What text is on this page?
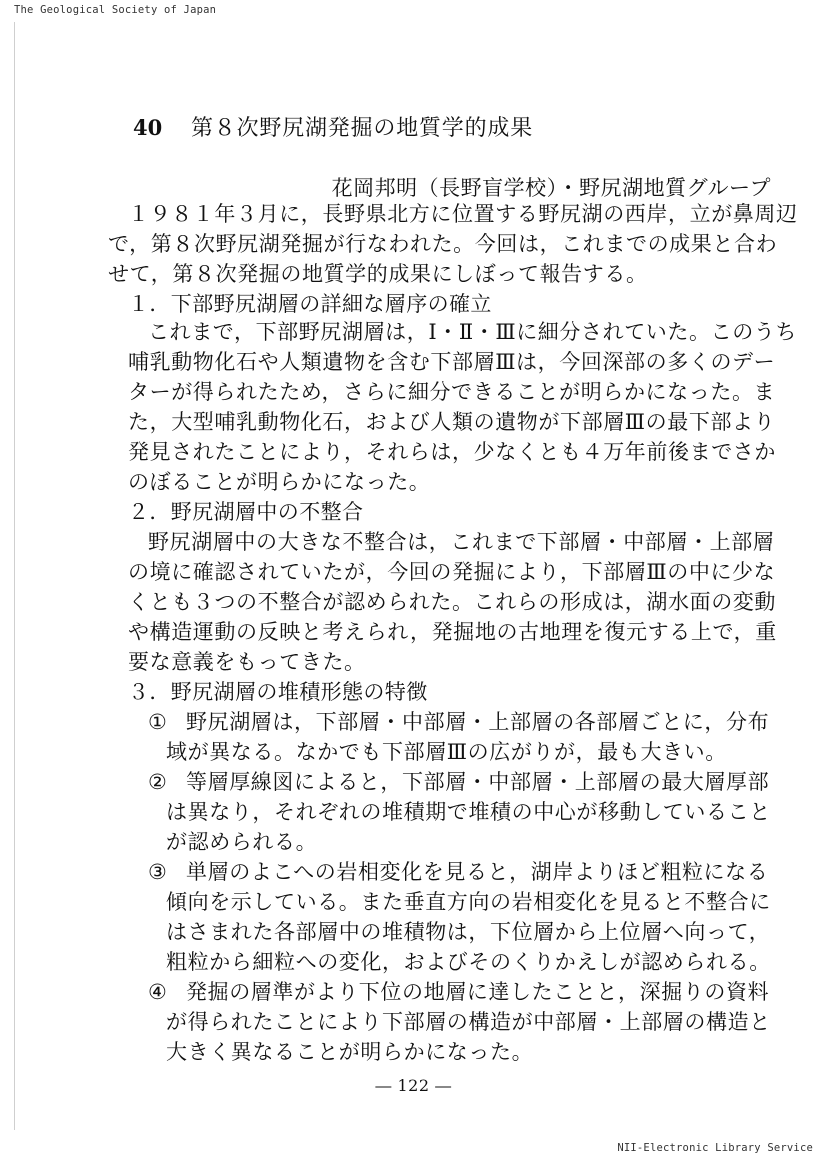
The Geological Society of Japan
40	第８次野尻湖発掘の地質学的成果
花岡邦明（長野盲学校）・野尻湖地質グループ
１９８１年３月に，長野県北方に位置する野尻湖の西岸，立が鼻周辺
で，第８次野尻湖発掘が行なわれた。今回は，これまでの成果と合わ
せて，第８次発掘の地質学的成果にしぼって報告する。
１．下部野尻湖層の詳細な層序の確立
これまで，下部野尻湖層は，Ⅰ・Ⅱ・Ⅲに細分されていた。このうち
哺乳動物化石や人類遺物を含む下部層Ⅲは，今回深部の多くのデー
ターが得られたため，さらに細分できることが明らかになった。ま
た，大型哺乳動物化石，および人類の遺物が下部層Ⅲの最下部より
発見されたことにより，それらは，少なくとも４万年前後までさか
のぼることが明らかになった。
２．野尻湖層中の不整合
野尻湖層中の大きな不整合は，これまで下部層・中部層・上部層
の境に確認されていたが，今回の発掘により，下部層Ⅲの中に少な
くとも３つの不整合が認められた。これらの形成は，湖水面の変動
や構造運動の反映と考えられ，発掘地の古地理を復元する上で，重
要な意義をもってきた。
３．野尻湖層の堆積形態の特徴
① 野尻湖層は，下部層・中部層・上部層の各部層ごとに，分布
域が異なる。なかでも下部層Ⅲの広がりが，最も大きい。
② 等層厚線図によると，下部層・中部層・上部層の最大層厚部
は異なり，それぞれの堆積期で堆積の中心が移動していること
が認められる。
③ 単層のよこへの岩相変化を見ると，湖岸よりほど粗粒になる
傾向を示している。また垂直方向の岩相変化を見ると不整合に
はさまれた各部層中の堆積物は，下位層から上位層へ向って，
粗粒から細粒への変化，およびそのくりかえしが認められる。
④ 発掘の層準がより下位の地層に達したことと，深掘りの資料
が得られたことにより下部層の構造が中部層・上部層の構造と
大きく異なることが明らかになった。
― 122 ―
NII-Electronic Library Service
